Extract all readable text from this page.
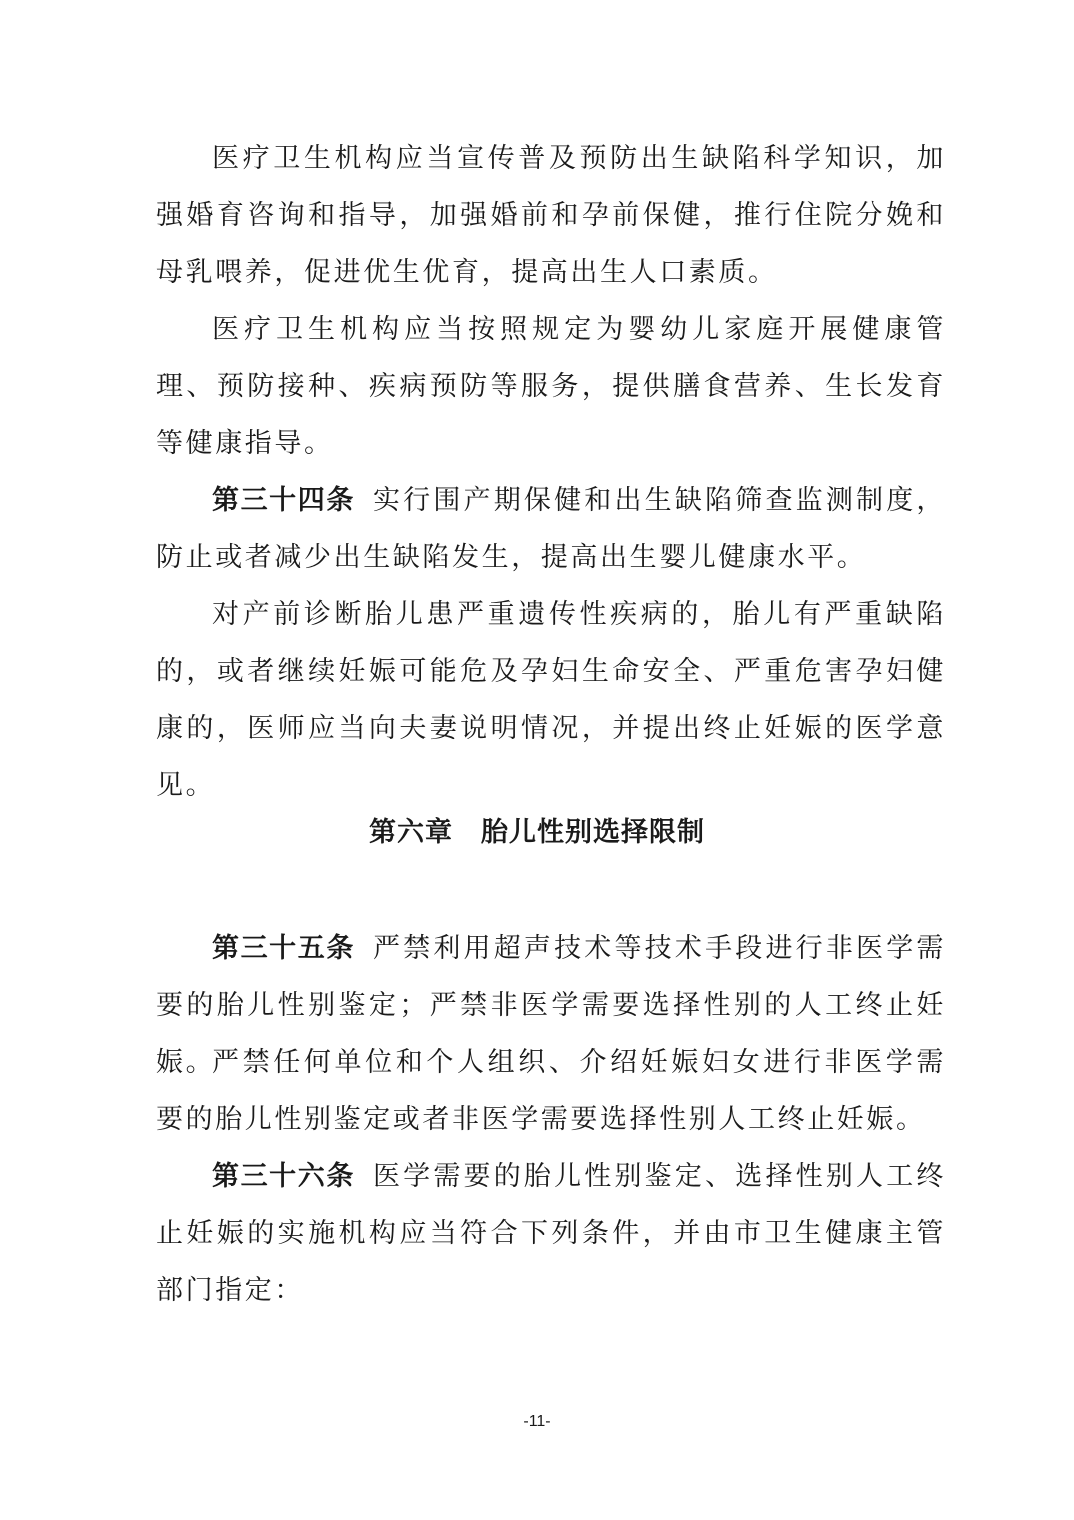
医疗卫生机构应当宣传普及预防出生缺陷科学知识，加强婚育咨询和指导，加强婚前和孕前保健，推行住院分娩和母乳喂养，促进优生优育，提高出生人口素质。

医疗卫生机构应当按照规定为婴幼儿家庭开展健康管理、预防接种、疾病预防等服务，提供膳食营养、生长发育等健康指导。

第三十四条 实行围产期保健和出生缺陷筛查监测制度，防止或者减少出生缺陷发生，提高出生婴儿健康水平。

对产前诊断胎儿患严重遗传性疾病的，胎儿有严重缺陷的，或者继续妊娠可能危及孕妇生命安全、严重危害孕妇健康的，医师应当向夫妻说明情况，并提出终止妊娠的医学意见。

第六章　胎儿性别选择限制

第三十五条 严禁利用超声技术等技术手段进行非医学需要的胎儿性别鉴定；严禁非医学需要选择性别的人工终止妊娠。

严禁任何单位和个人组织、介绍妊娠妇女进行非医学需要的胎儿性别鉴定或者非医学需要选择性别人工终止妊娠。

第三十六条 医学需要的胎儿性别鉴定、选择性别人工终止妊娠的实施机构应当符合下列条件，并由市卫生健康主管部门指定：

-11-
